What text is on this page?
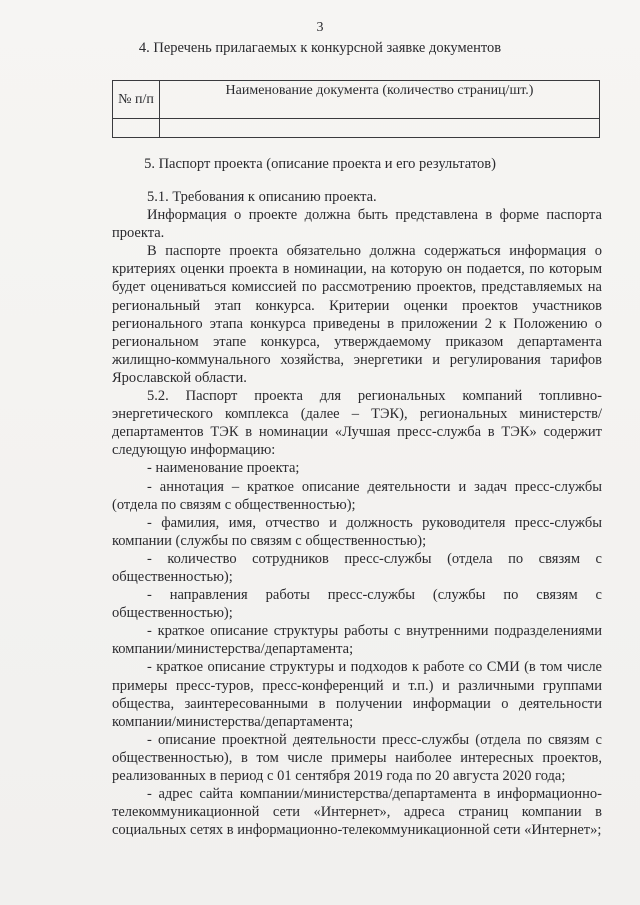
3
4. Перечень прилагаемых к конкурсной заявке документов
№ п/п	Наименование документа (количество страниц/шт.)

5. Паспорт проекта (описание проекта и его результатов)

5.1. Требования к описанию проекта.

Информация о проекте должна быть представлена в форме паспорта проекта.

В паспорте проекта обязательно должна содержаться информация о критериях оценки проекта в номинации, на которую он подается, по которым будет оцениваться комиссией по рассмотрению проектов, представляемых на региональный этап конкурса. Критерии оценки проектов участников регионального этапа конкурса приведены в приложении 2 к Положению о региональном этапе конкурса, утверждаемому приказом департамента жилищно-коммунального хозяйства, энергетики и регулирования тарифов Ярославской области.

5.2. Паспорт проекта для региональных компаний топливно-энергетического комплекса (далее – ТЭК), региональных министерств/департаментов ТЭК в номинации «Лучшая пресс-служба в ТЭК» содержит следующую информацию:

- наименование проекта;

- аннотация – краткое описание деятельности и задач пресс-службы (отдела по связям с общественностью);

- фамилия, имя, отчество и должность руководителя пресс-службы компании (службы по связям с общественностью);

- количество сотрудников пресс-службы (отдела по связям с общественностью);

- направления работы пресс-службы (службы по связям с общественностью);

- краткое описание структуры работы с внутренними подразделениями компании/министерства/департамента;

- краткое описание структуры и подходов к работе со СМИ (в том числе примеры пресс-туров, пресс-конференций и т.п.) и различными группами общества, заинтересованными в получении информации о деятельности компании/министерства/департамента;

- описание проектной деятельности пресс-службы (отдела по связям с общественностью), в том числе примеры наиболее интересных проектов, реализованных в период с 01 сентября 2019 года по 20 августа 2020 года;

- адрес сайта компании/министерства/департамента в информационно-телекоммуникационной сети «Интернет», адреса страниц компании в социальных сетях в информационно-телекоммуникационной сети «Интернет»;
